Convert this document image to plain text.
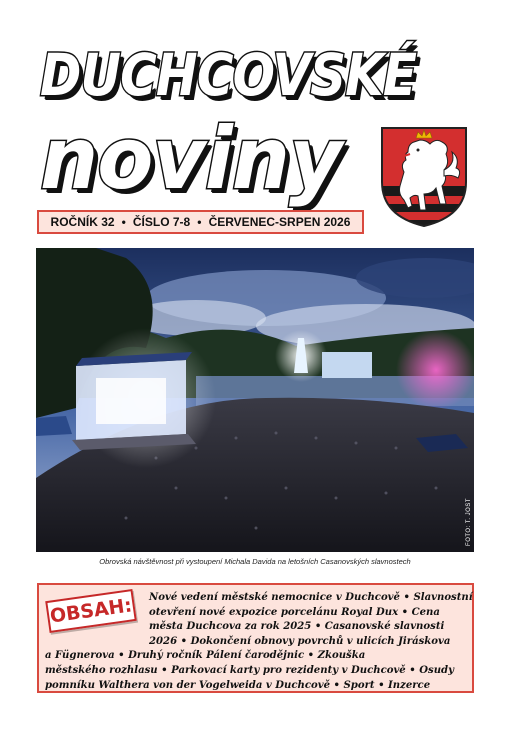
DUCHCOVSKÉ
noviny
ROČNÍK 32 • ČÍSLO 7-8 • ČERVENEC-SRPEN 2026
FOTO: T. JOŠT
Obrovská návštěvnost při vystoupení Michala Davida na letošních Casanovských slavnostech
Nové vedení městské nemocnice v Duchcově • Slavnostní
otevření nové expozice porcelánu Royal Dux • Cena
města Duchcova za rok 2025 • Casanovské slavnosti
2026 • Dokončení obnovy povrchů v ulicích Jiráskova
a Fügnerova • Druhý ročník Pálení čarodějnic • Zkouška
městského rozhlasu • Parkovací karty pro rezidenty v Duchcově • Osudy
pomníku Walthera von der Vogelweida v Duchcově • Sport • Inzerce
OBSAH:
